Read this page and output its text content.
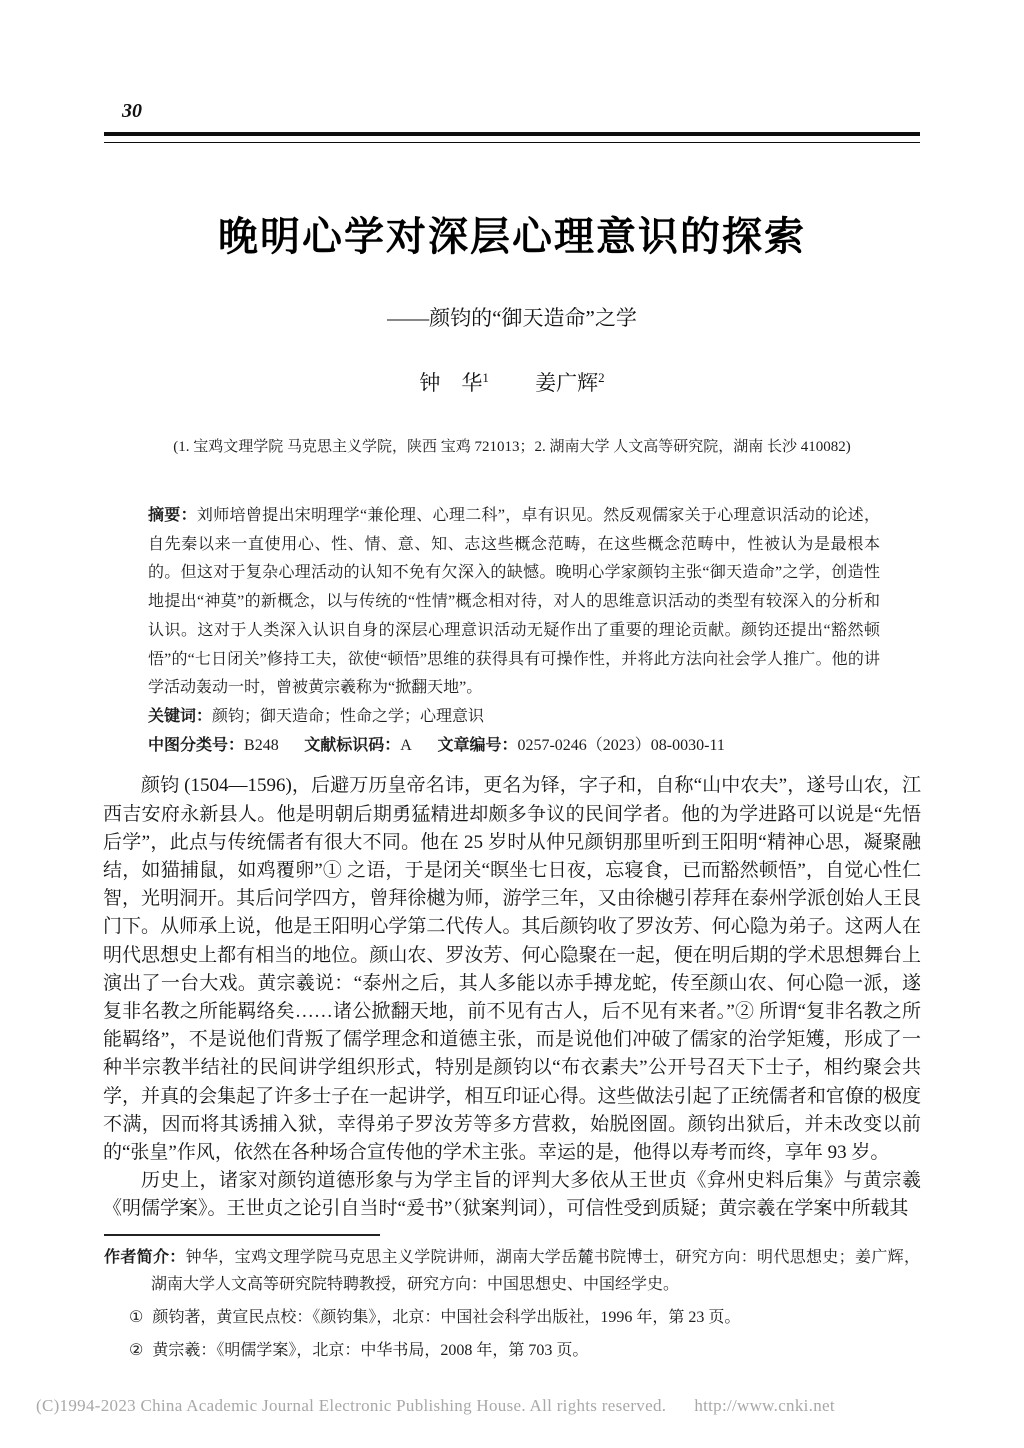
30
晚明心学对深层心理意识的探索
——颜钧的“御天造命”之学
钟　华$^1$ 姜广辉$^2$
(1. 宝鸡文理学院 马克思主义学院，陕西 宝鸡 721013；2. 湖南大学 人文高等研究院，湖南 长沙 410082)

摘要：刘师培曾提出宋明理学“兼伦理、心理二科”，卓有识见。然反观儒家关于心理意识活动的论述，自先秦以来一直使用心、性、情、意、知、志这些概念范畴，在这些概念范畴中，性被认为是最根本的。但这对于复杂心理活动的认知不免有欠深入的缺憾。晚明心学家颜钧主张“御天造命”之学，创造性地提出“神莫”的新概念，以与传统的“性情”概念相对待，对人的思维意识活动的类型有较深入的分析和认识。这对于人类深入认识自身的深层心理意识活动无疑作出了重要的理论贡献。颜钧还提出“豁然顿悟”的“七日闭关”修持工夫，欲使“顿悟”思维的获得具有可操作性，并将此方法向社会学人推广。他的讲学活动轰动一时，曾被黄宗羲称为“掀翻天地”。

关键词：颜钧；御天造命；性命之学；心理意识

中图分类号：B248 文献标识码：A 文章编号：0257-0246（2023）08-0030-11

颜钧 (1504—1596)，后避万历皇帝名讳，更名为铎，字子和，自称“山中农夫”，遂号山农，江西吉安府永新县人。他是明朝后期勇猛精进却颇多争议的民间学者。他的为学进路可以说是“先悟后学”，此点与传统儒者有很大不同。他在 25 岁时从仲兄颜钥那里听到王阳明“精神心思，凝聚融结，如猫捕鼠，如鸡覆卵”① 之语，于是闭关“瞑坐七日夜，忘寝食，已而豁然顿悟”，自觉心性仁智，光明洞开。其后问学四方，曾拜徐樾为师，游学三年，又由徐樾引荐拜在泰州学派创始人王艮门下。从师承上说，他是王阳明心学第二代传人。其后颜钧收了罗汝芳、何心隐为弟子。这两人在明代思想史上都有相当的地位。颜山农、罗汝芳、何心隐聚在一起，便在明后期的学术思想舞台上演出了一台大戏。黄宗羲说：“泰州之后，其人多能以赤手搏龙蛇，传至颜山农、何心隐一派，遂复非名教之所能羁络矣……诸公掀翻天地，前不见有古人，后不见有来者。”② 所谓“复非名教之所能羁络”，不是说他们背叛了儒学理念和道德主张，而是说他们冲破了儒家的治学矩矱，形成了一种半宗教半结社的民间讲学组织形式，特别是颜钧以“布衣素夫”公开号召天下士子，相约聚会共学，并真的会集起了许多士子在一起讲学，相互印证心得。这些做法引起了正统儒者和官僚的极度不满，因而将其诱捕入狱，幸得弟子罗汝芳等多方营救，始脱囹圄。颜钧出狱后，并未改变以前的“张皇”作风，依然在各种场合宣传他的学术主张。幸运的是，他得以寿考而终，享年 93 岁。

历史上，诸家对颜钧道德形象与为学主旨的评判大多依从王世贞《弇州史料后集》与黄宗羲《明儒学案》。王世贞之论引自当时“爰书”（狱案判词），可信性受到质疑；黄宗羲在学案中所载其

作者简介：钟华，宝鸡文理学院马克思主义学院讲师，湖南大学岳麓书院博士，研究方向：明代思想史；姜广辉，湖南大学人文高等研究院特聘教授，研究方向：中国思想史、中国经学史。
① 颜钧著，黄宣民点校：《颜钧集》，北京：中国社会科学出版社，1996 年，第 23 页。
② 黄宗羲：《明儒学案》，北京：中华书局，2008 年，第 703 页。
(C)1994-2023 China Academic Journal Electronic Publishing House. All rights reserved. http://www.cnki.net
